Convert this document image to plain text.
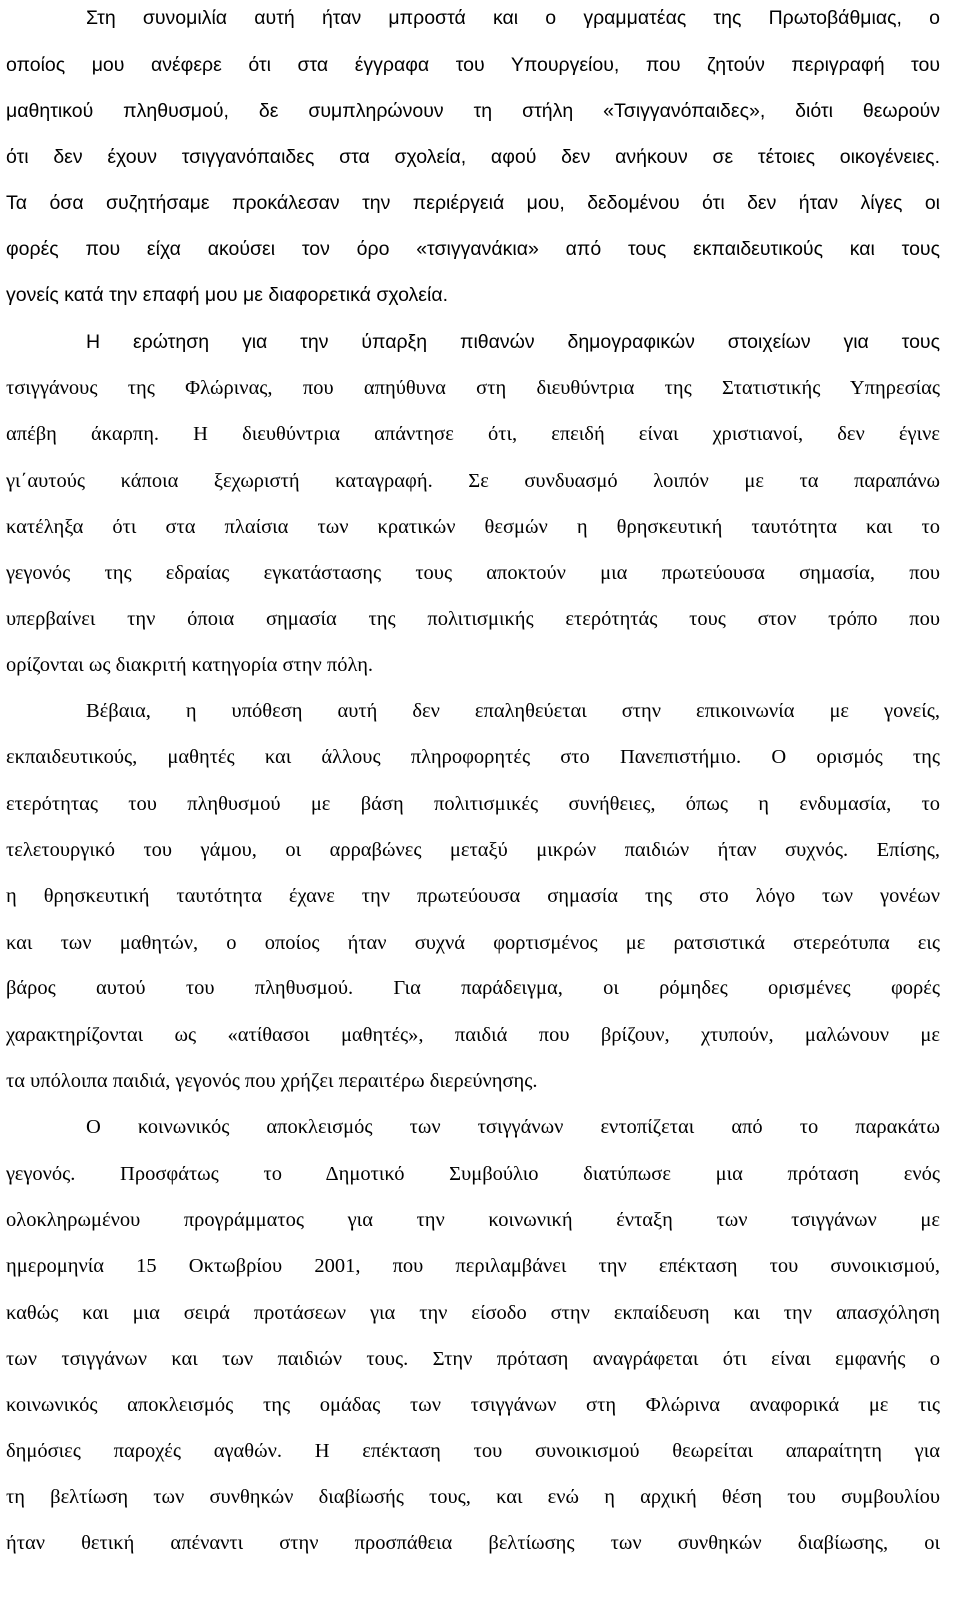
Στη συνομιλία αυτή ήταν μπροστά και ο γραμματέας της Πρωτοβάθμιας, ο
οποίος μου ανέφερε ότι στα έγγραφα του Υπουργείου, που ζητούν περιγραφή του
μαθητικού πληθυσμού, δε συμπληρώνουν τη στήλη «Τσιγγανόπαιδες», διότι θεωρούν
ότι δεν έχουν τσιγγανόπαιδες στα σχολεία, αφού δεν ανήκουν σε τέτοιες οικογένειες.
Τα όσα συζητήσαμε προκάλεσαν την περιέργειά μου, δεδομένου ότι δεν ήταν λίγες οι
φορές που είχα ακούσει τον όρο «τσιγγανάκια» από τους εκπαιδευτικούς και τους
γονείς κατά την επαφή μου με διαφορετικά σχολεία.
Η ερώτηση για την ύπαρξη πιθανών δημογραφικών στοιχείων για τους
τσιγγάνους της Φλώρινας, που απηύθυνα στη διευθύντρια της Στατιστικής Υπηρεσίας
απέβη άκαρπη. Η διευθύντρια απάντησε ότι, επειδή είναι χριστιανοί, δεν έγινε
γι΄αυτούς κάποια ξεχωριστή καταγραφή. Σε συνδυασμό λοιπόν με τα παραπάνω
κατέληξα ότι στα πλαίσια των κρατικών θεσμών η θρησκευτική ταυτότητα και το
γεγονός της εδραίας εγκατάστασης τους αποκτούν μια πρωτεύουσα σημασία, που
υπερβαίνει την όποια σημασία της πολιτισμικής ετερότητάς τους στον τρόπο που
ορίζονται ως διακριτή κατηγορία στην πόλη.
Βέβαια, η υπόθεση αυτή δεν επαληθεύεται στην επικοινωνία με γονείς,
εκπαιδευτικούς, μαθητές και άλλους πληροφορητές στο Πανεπιστήμιο. Ο ορισμός της
ετερότητας του πληθυσμού με βάση πολιτισμικές συνήθειες, όπως η ενδυμασία, το
τελετουργικό του γάμου, οι αρραβώνες μεταξύ μικρών παιδιών ήταν συχνός. Επίσης,
η θρησκευτική ταυτότητα έχανε την πρωτεύουσα σημασία της στο λόγο των γονέων
και των μαθητών, ο οποίος ήταν συχνά φορτισμένος με ρατσιστικά στερεότυπα εις
βάρος αυτού του πληθυσμού. Για παράδειγμα, οι ρόμηδες ορισμένες φορές
χαρακτηρίζονται ως «ατίθασοι μαθητές», παιδιά που βρίζουν, χτυπούν, μαλώνουν με
τα υπόλοιπα παιδιά, γεγονός που χρήζει περαιτέρω διερεύνησης.
Ο κοινωνικός αποκλεισμός των τσιγγάνων εντοπίζεται από το παρακάτω
γεγονός. Προσφάτως το Δημοτικό Συμβούλιο διατύπωσε μια πρόταση ενός
ολοκληρωμένου προγράμματος για την κοινωνική ένταξη των τσιγγάνων με
ημερομηνία 15 Οκτωβρίου 2001, που περιλαμβάνει την επέκταση του συνοικισμού,
καθώς και μια σειρά προτάσεων για την είσοδο στην εκπαίδευση και την απασχόληση
των τσιγγάνων και των παιδιών τους. Στην πρόταση αναγράφεται ότι είναι εμφανής ο
κοινωνικός αποκλεισμός της ομάδας των τσιγγάνων στη Φλώρινα αναφορικά με τις
δημόσιες παροχές αγαθών. Η επέκταση του συνοικισμού θεωρείται απαραίτητη για
τη βελτίωση των συνθηκών διαβίωσής τους, και ενώ η αρχική θέση του συμβουλίου
ήταν θετική απέναντι στην προσπάθεια βελτίωσης των συνθηκών διαβίωσης, οι
